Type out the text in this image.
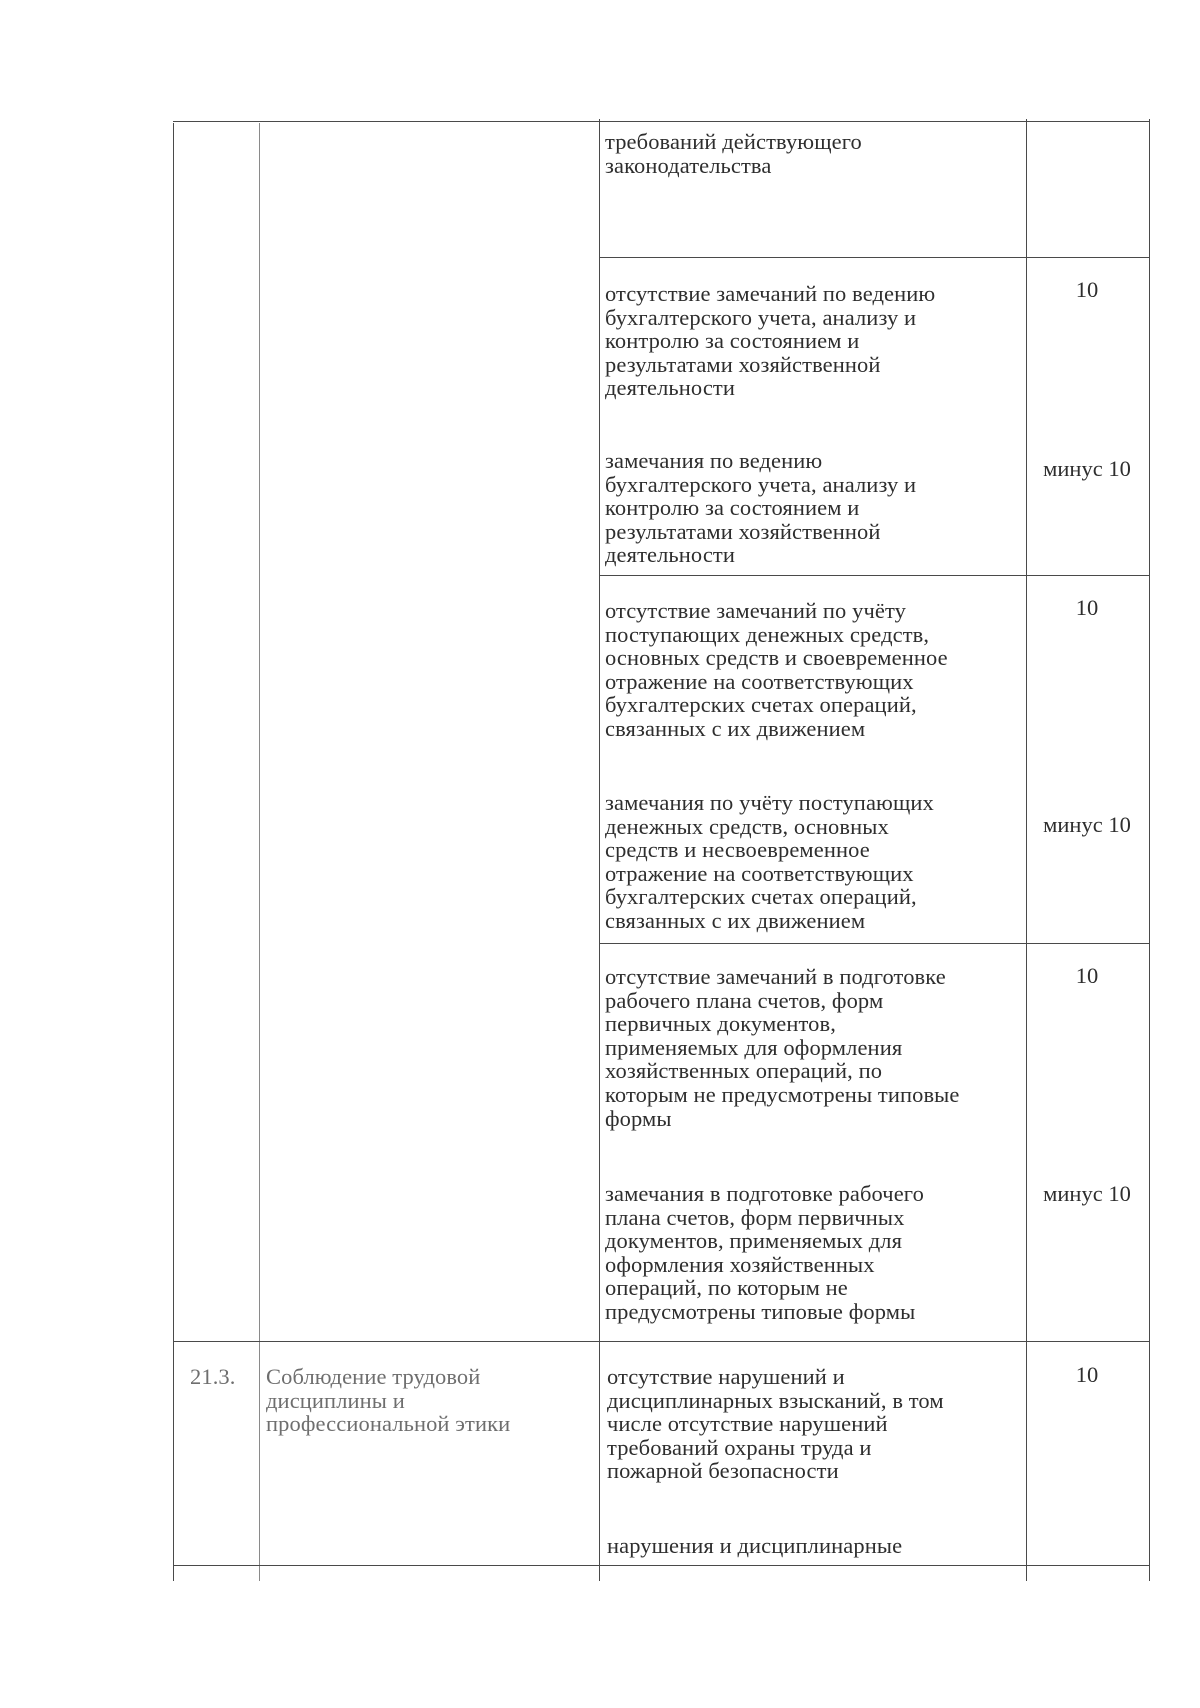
требований действующего
законодательства
отсутствие замечаний по ведению
бухгалтерского учета, анализу и
контролю за состоянием и
результатами хозяйственной
деятельности
10
замечания по ведению
бухгалтерского учета, анализу и
контролю за состоянием и
результатами хозяйственной
деятельности
минус 10
отсутствие замечаний по учёту
поступающих денежных средств,
основных средств и своевременное
отражение на соответствующих
бухгалтерских счетах операций,
связанных с их движением
10
замечания по учёту поступающих
денежных средств, основных
средств и несвоевременное
отражение на соответствующих
бухгалтерских счетах операций,
связанных с их движением
минус 10
отсутствие замечаний в подготовке
рабочего плана счетов, форм
первичных документов,
применяемых для оформления
хозяйственных операций, по
которым не предусмотрены типовые
формы
10
замечания в подготовке рабочего
плана счетов, форм первичных
документов, применяемых для
оформления хозяйственных
операций, по которым не
предусмотрены типовые формы
минус 10
21.3.	Соблюдение трудовой
дисциплины и
профессиональной этики
отсутствие нарушений и
дисциплинарных взысканий, в том
числе отсутствие нарушений
требований охраны труда и
пожарной безопасности
10
нарушения и дисциплинарные
